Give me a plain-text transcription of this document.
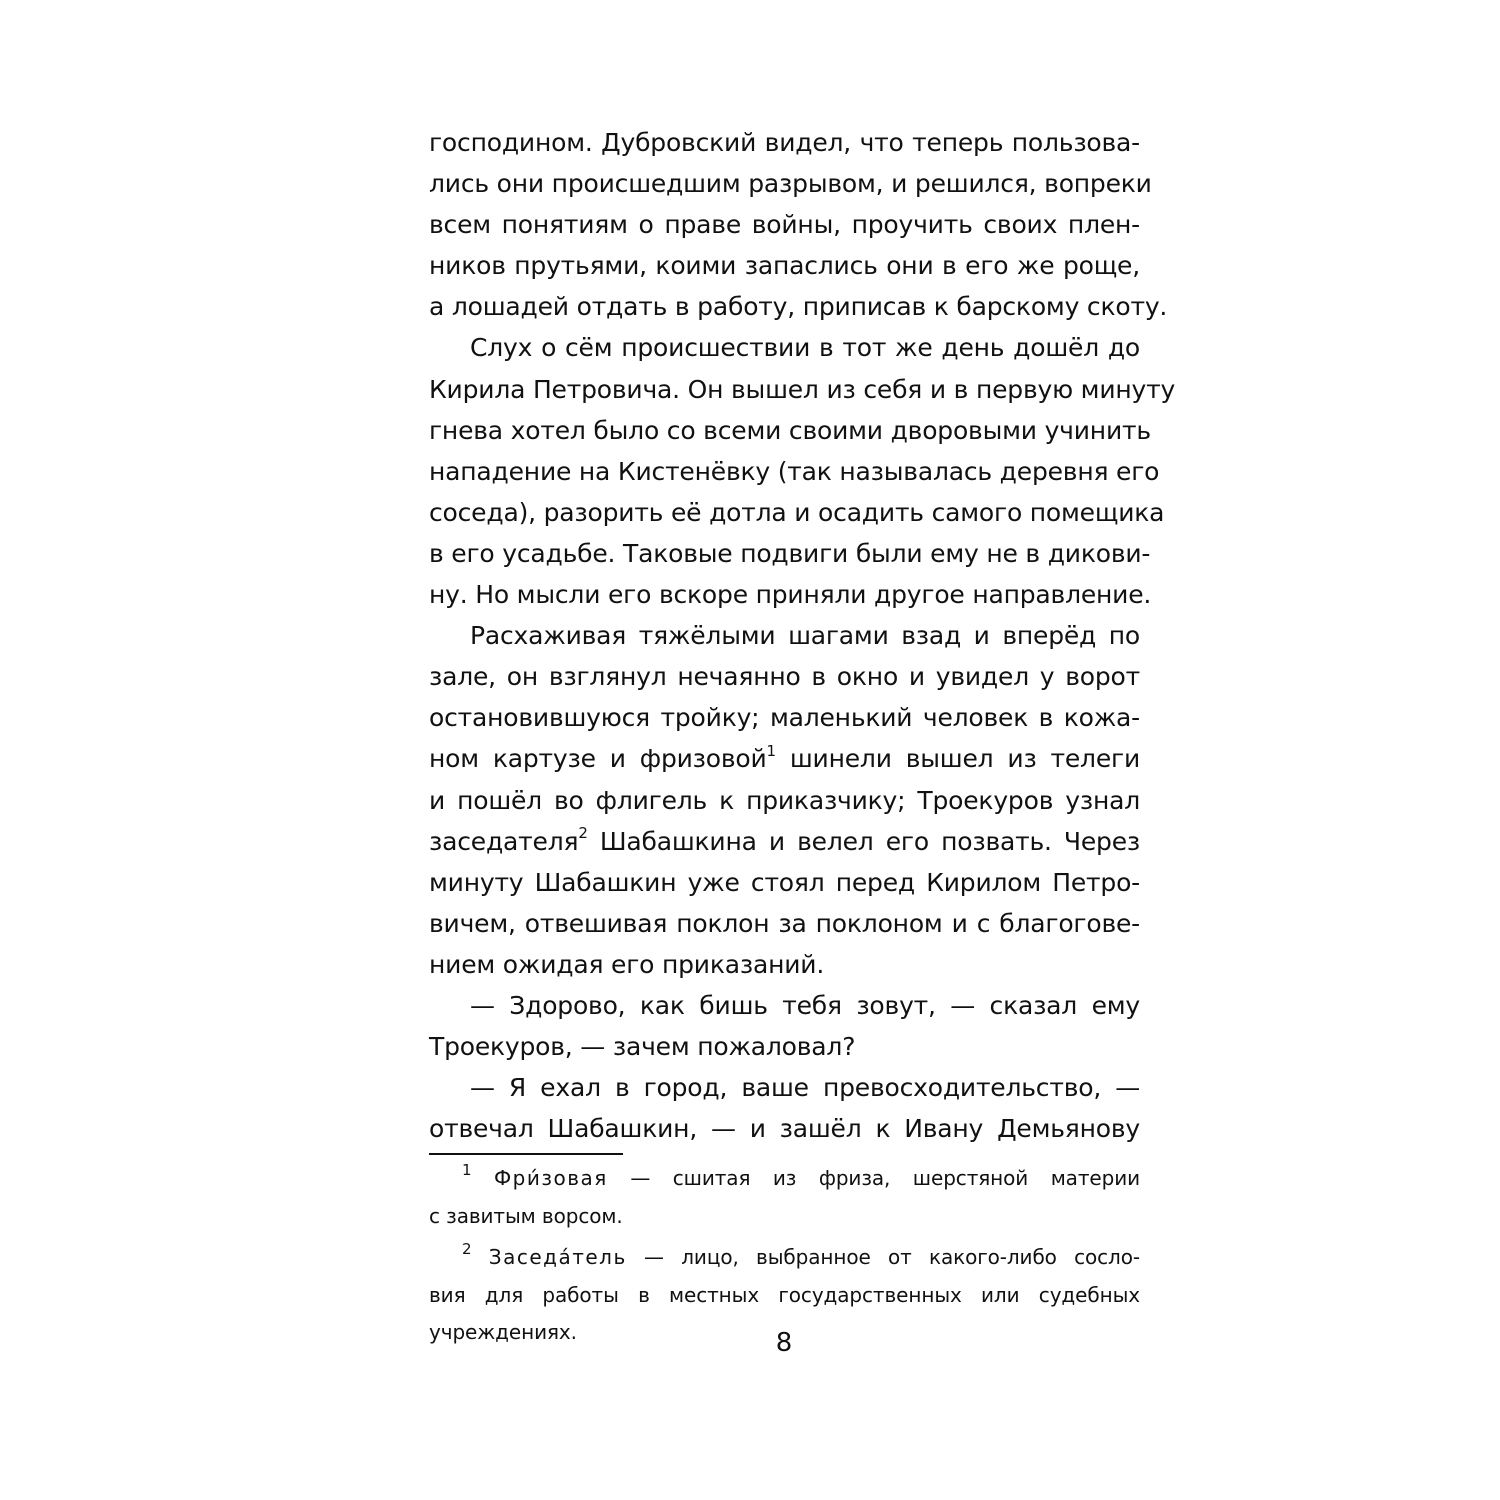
господином. Дубровский видел, что теперь пользова-
лись они происшедшим разрывом, и решился, вопреки
всем понятиям о праве войны, проучить своих плен-
ников прутьями, коими запаслись они в его же роще,
а лошадей отдать в работу, приписав к барскому скоту.
Слух о сём происшествии в тот же день дошёл до
Кирила Петровича. Он вышел из себя и в первую минуту
гнева хотел было со всеми своими дворовыми учинить
нападение на Кистенёвку (так называлась деревня его
соседа), разорить её дотла и осадить самого помещика
в его усадьбе. Таковые подвиги были ему не в дикови-
ну. Но мысли его вскоре приняли другое направление.
Расхаживая тяжёлыми шагами взад и вперёд по
зале, он взглянул нечаянно в окно и увидел у ворот
остановившуюся тройку; маленький человек в кожа-
ном картузе и фризовой$^1$ шинели вышел из телеги
и пошёл во флигель к приказчику; Троекуров узнал
заседателя$^2$ Шабашкина и велел его позвать. Через
минуту Шабашкин уже стоял перед Кирилом Петро-
вичем, отвешивая поклон за поклоном и с благогове-
нием ожидая его приказаний.
— Здорово, как бишь тебя зовут, — сказал ему
Троекуров, — зачем пожаловал?
— Я ехал в город, ваше превосходительство, —
отвечал Шабашкин, — и зашёл к Ивану Демьянову
$^1$ Фри́зовая — сшитая из фриза, шерстяной материи
с завитым ворсом.
$^2$ Заседа́тель — лицо, выбранное от какого-либо сосло-
вия для работы в местных государственных или судебных
учреждениях.	8
